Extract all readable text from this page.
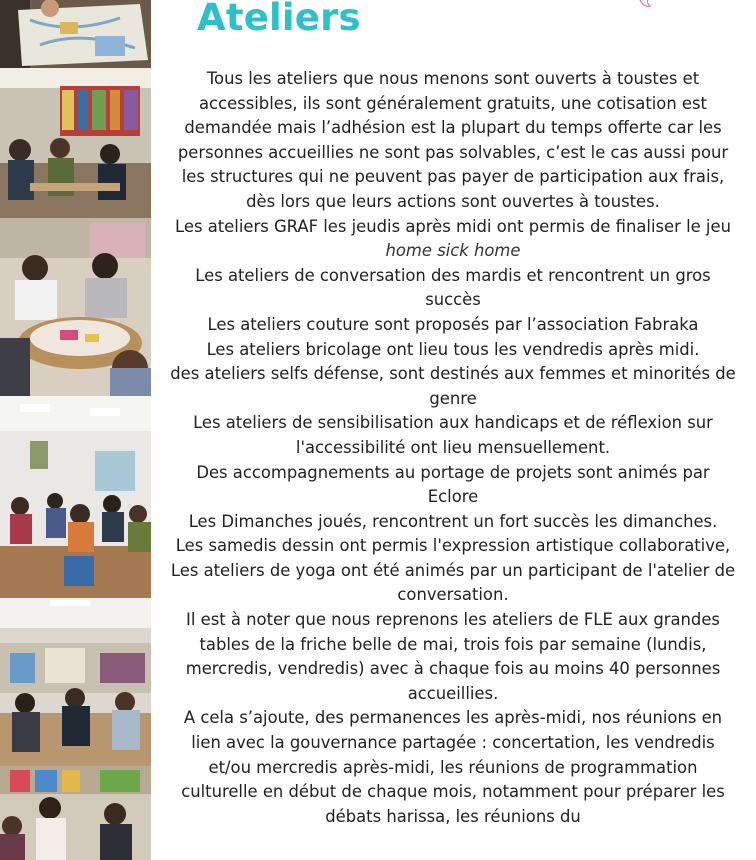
Ateliers

Tous les ateliers que nous menons sont ouverts à toustes et accessibles, ils sont généralement gratuits, une cotisation est demandée mais l’adhésion est la plupart du temps offerte car les personnes accueillies ne sont pas solvables, c’est le cas aussi pour les structures qui ne peuvent pas payer de participation aux frais, dès lors que leurs actions sont ouvertes à toustes.

Les ateliers GRAF les jeudis après midi ont permis de finaliser le jeu home sick home

Les ateliers de conversation des mardis et rencontrent un gros succès

Les ateliers couture sont proposés par l’association Fabraka

Les ateliers bricolage ont lieu tous les vendredis après midi.

des ateliers selfs défense, sont destinés aux femmes et minorités de genre

Les ateliers de sensibilisation aux handicaps et de réflexion sur l'accessibilité ont lieu mensuellement.

Des accompagnements au portage de projets sont animés par Eclore

Les Dimanches joués, rencontrent un fort succès les dimanches.

Les samedis dessin ont permis l'expression artistique collaborative,

Les ateliers de yoga ont été animés par un participant de l'atelier de conversation.

Il est à noter que nous reprenons les ateliers de FLE aux grandes tables de la friche belle de mai, trois fois par semaine (lundis, mercredis, vendredis) avec à chaque fois au moins 40 personnes accueillies.

A cela s’ajoute, des permanences les après-midi, nos réunions en lien avec la gouvernance partagée : concertation, les vendredis et/ou mercredis après-midi, les réunions de programmation culturelle en début de chaque mois, notamment pour préparer les débats harissa, les réunions du
